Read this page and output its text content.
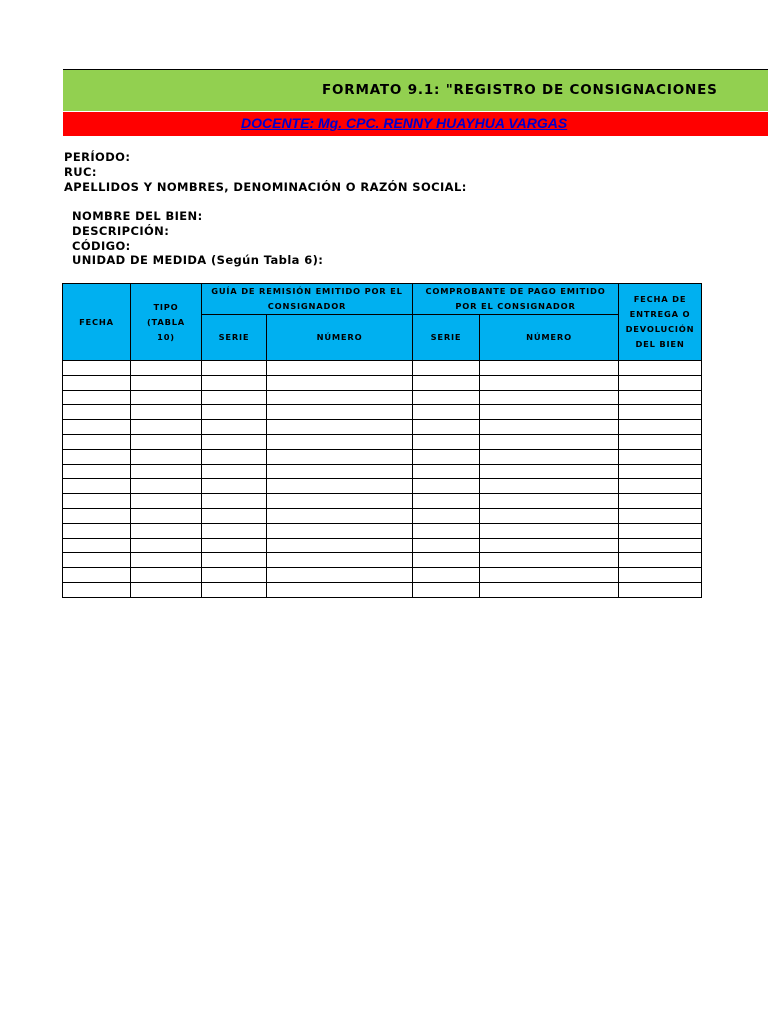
FORMATO 9.1: "REGISTRO DE CONSIGNACIONES
DOCENTE: Mg. CPC. RENNY HUAYHUA VARGAS
PERÍODO:
RUC:
APELLIDOS Y NOMBRES, DENOMINACIÓN O RAZÓN SOCIAL:
NOMBRE DEL BIEN:
DESCRIPCIÓN:
CÓDIGO:
UNIDAD DE MEDIDA (Según Tabla 6):
FECHA	TIPO (TABLA 10)	GUÍA DE REMISIÓN EMITIDO POR EL CONSIGNADOR		COMPROBANTE DE PAGO EMITIDO POR EL CONSIGNADOR		FECHA DE ENTREGA O DEVOLUCIÓN DEL BIEN
		SERIE	NÚMERO	SERIE	NÚMERO	
